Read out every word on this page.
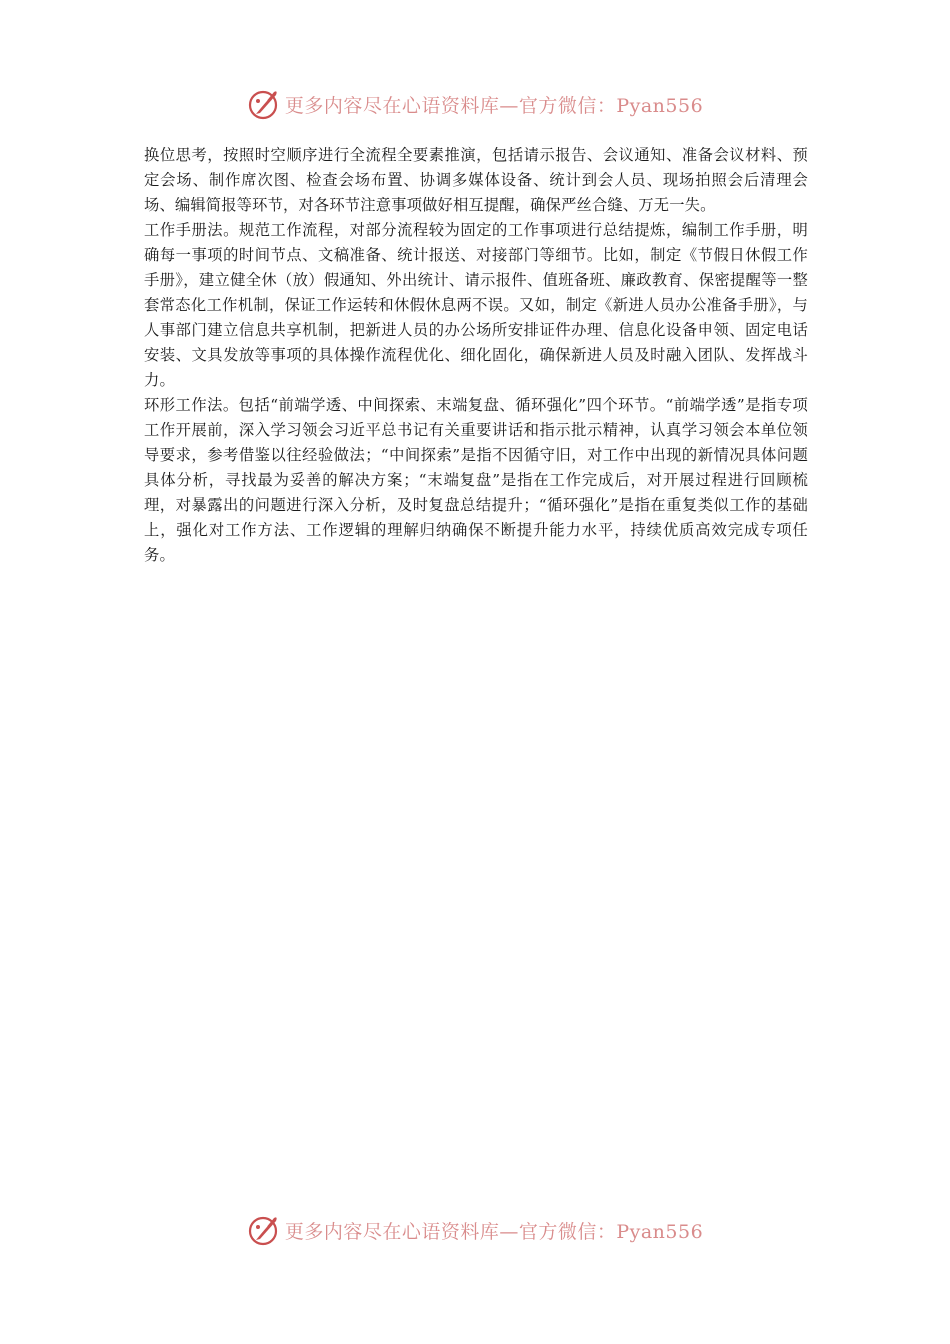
更多内容尽在心语资料库—官方微信：Pyan556

换位思考，按照时空顺序进行全流程全要素推演，包括请示报告、会议通知、准备会议材料、预定会场、制作席次图、检查会场布置、协调多媒体设备、统计到会人员、现场拍照会后清理会场、编辑简报等环节，对各环节注意事项做好相互提醒，确保严丝合缝、万无一失。

工作手册法。规范工作流程，对部分流程较为固定的工作事项进行总结提炼，编制工作手册，明确每一事项的时间节点、文稿准备、统计报送、对接部门等细节。比如，制定《节假日休假工作手册》，建立健全休（放）假通知、外出统计、请示报件、值班备班、廉政教育、保密提醒等一整套常态化工作机制，保证工作运转和休假休息两不误。又如，制定《新进人员办公准备手册》，与人事部门建立信息共享机制，把新进人员的办公场所安排证件办理、信息化设备申领、固定电话安装、文具发放等事项的具体操作流程优化、细化固化，确保新进人员及时融入团队、发挥战斗力。

环形工作法。包括“前端学透、中间探索、末端复盘、循环强化”四个环节。“前端学透”是指专项工作开展前，深入学习领会习近平总书记有关重要讲话和指示批示精神，认真学习领会本单位领导要求，参考借鉴以往经验做法；“中间探索”是指不因循守旧，对工作中出现的新情况具体问题具体分析，寻找最为妥善的解决方案；“末端复盘”是指在工作完成后，对开展过程进行回顾梳理，对暴露出的问题进行深入分析，及时复盘总结提升；“循环强化”是指在重复类似工作的基础上，强化对工作方法、工作逻辑的理解归纳确保不断提升能力水平，持续优质高效完成专项任务。

更多内容尽在心语资料库—官方微信：Pyan556
